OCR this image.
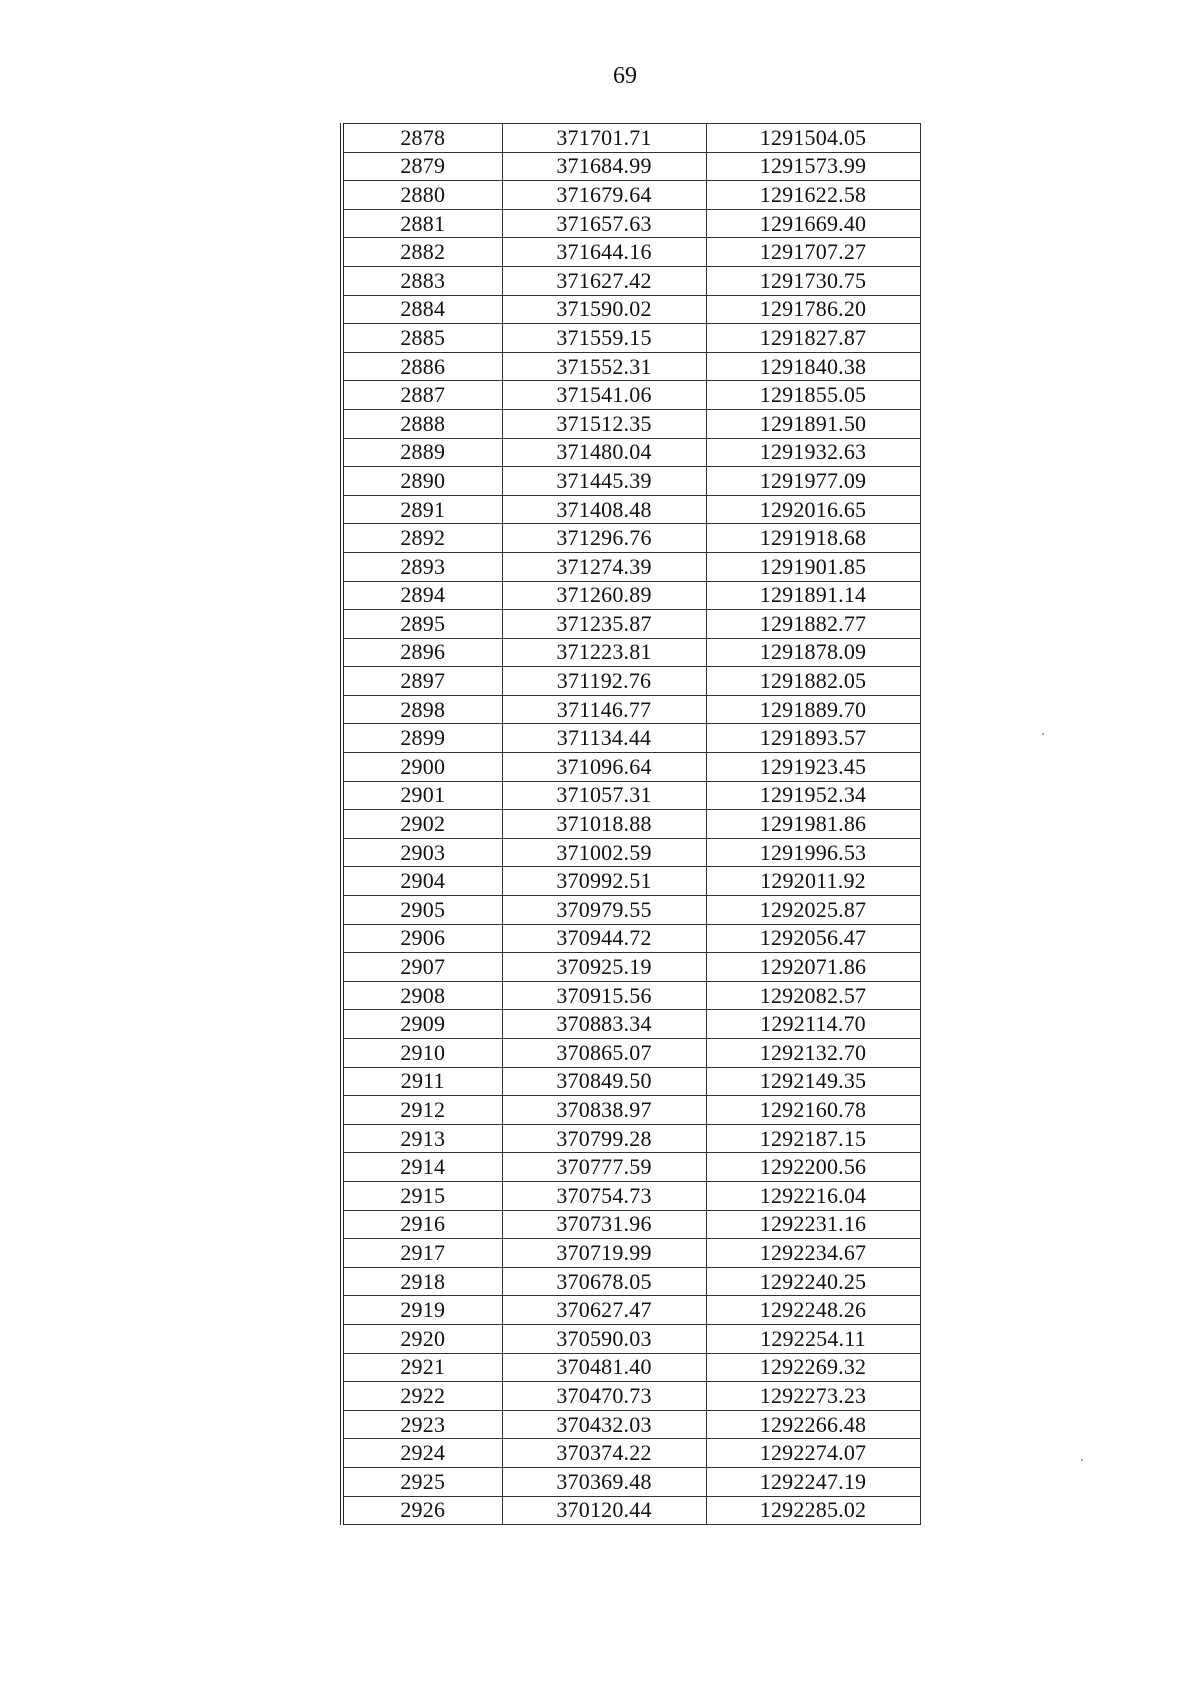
69
2878	371701.71	1291504.05
2879	371684.99	1291573.99
2880	371679.64	1291622.58
2881	371657.63	1291669.40
2882	371644.16	1291707.27
2883	371627.42	1291730.75
2884	371590.02	1291786.20
2885	371559.15	1291827.87
2886	371552.31	1291840.38
2887	371541.06	1291855.05
2888	371512.35	1291891.50
2889	371480.04	1291932.63
2890	371445.39	1291977.09
2891	371408.48	1292016.65
2892	371296.76	1291918.68
2893	371274.39	1291901.85
2894	371260.89	1291891.14
2895	371235.87	1291882.77
2896	371223.81	1291878.09
2897	371192.76	1291882.05
2898	371146.77	1291889.70
2899	371134.44	1291893.57
2900	371096.64	1291923.45
2901	371057.31	1291952.34
2902	371018.88	1291981.86
2903	371002.59	1291996.53
2904	370992.51	1292011.92
2905	370979.55	1292025.87
2906	370944.72	1292056.47
2907	370925.19	1292071.86
2908	370915.56	1292082.57
2909	370883.34	1292114.70
2910	370865.07	1292132.70
2911	370849.50	1292149.35
2912	370838.97	1292160.78
2913	370799.28	1292187.15
2914	370777.59	1292200.56
2915	370754.73	1292216.04
2916	370731.96	1292231.16
2917	370719.99	1292234.67
2918	370678.05	1292240.25
2919	370627.47	1292248.26
2920	370590.03	1292254.11
2921	370481.40	1292269.32
2922	370470.73	1292273.23
2923	370432.03	1292266.48
2924	370374.22	1292274.07
2925	370369.48	1292247.19
2926	370120.44	1292285.02
